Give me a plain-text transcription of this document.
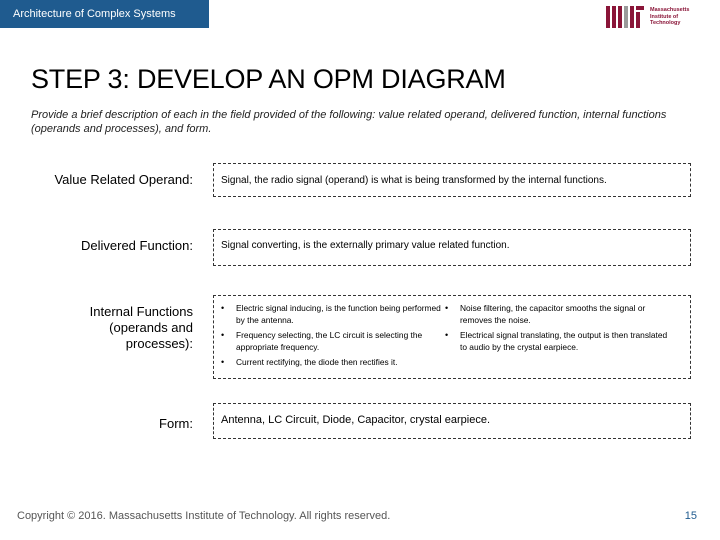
Architecture of Complex Systems	Massachusetts
Institute of
Technology
STEP 3: DEVELOP AN OPM DIAGRAM
Provide a brief description of each in the field provided of the following: value related operand, delivered function, internal functions (operands and processes), and form.
Value Related Operand:	Signal, the radio signal (operand) is what is being transformed by the internal functions.
Delivered Function:	Signal converting, is the externally primary value related function.
Internal Functions (operands and processes):
• Electric signal inducing, is the function being performed by the antenna.
• Frequency selecting, the LC circuit is selecting the appropriate frequency.
• Current rectifying, the diode then rectifies it.
• Noise filtering, the capacitor smooths the signal or removes the noise.
• Electrical signal translating, the output is then translated to audio by the crystal earpiece.
Form:	Antenna, LC Circuit, Diode, Capacitor, crystal earpiece.
Copyright © 2016. Massachusetts Institute of Technology. All rights reserved.	15
